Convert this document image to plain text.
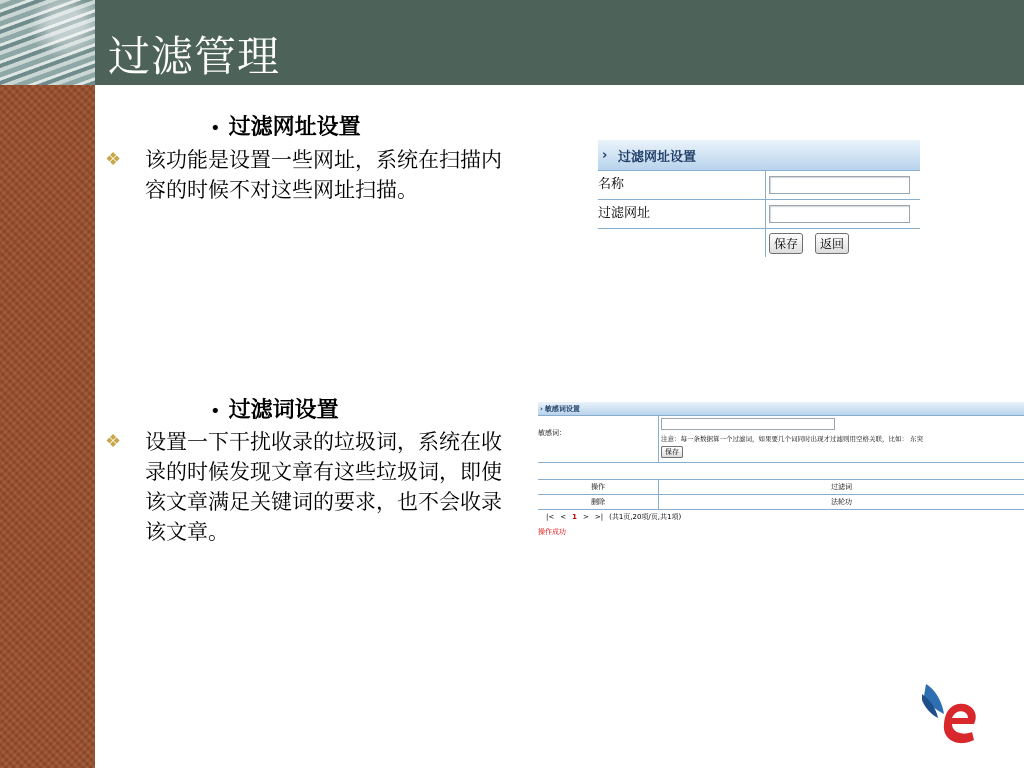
过滤管理
• 过滤网址设置
❖	该功能是设置一些网址，系统在扫描内容的时候不对这些网址扫描。
• 过滤词设置
❖	设置一下干扰收录的垃圾词，系统在收录的时候发现文章有这些垃圾词，即使该文章满足关键词的要求，也不会收录该文章。
› 过滤网址设置
名称
过滤网址
保存	返回
› 敏感词设置
敏感词：
注意：每一条数据算一个过滤词，如果要几个词同时出现才过滤则用空格关联，比如： 东突
保存
操作	过滤词
删除	法轮功
|< < 1 > >| (共1页,20项/页,共1项)
操作成功
